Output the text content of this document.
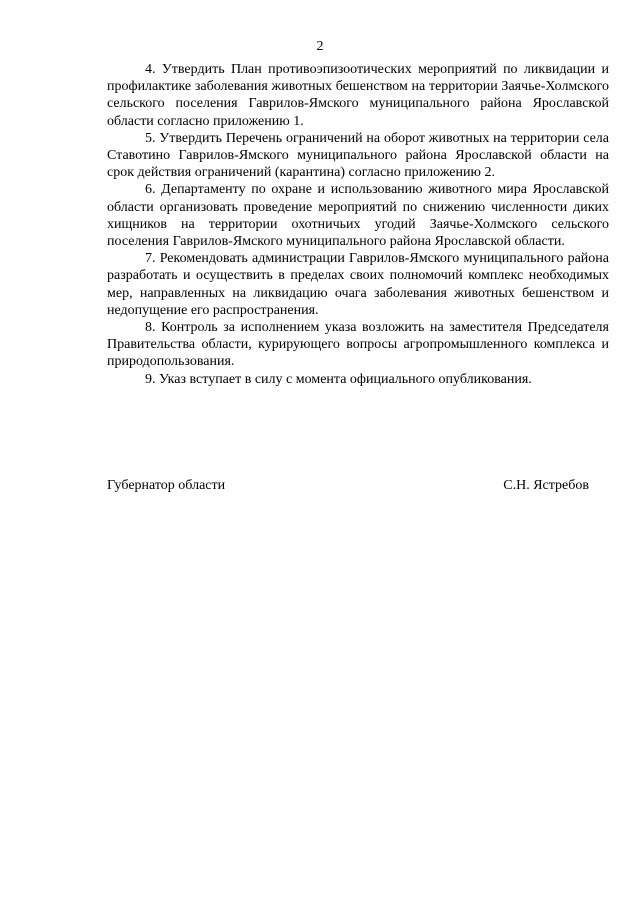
2

4. Утвердить План противоэпизоотических мероприятий по ликвидации и профилактике заболевания животных бешенством на территории Заячье-Холмского сельского поселения Гаврилов-Ямского муниципального района Ярославской области согласно приложению 1.

5. Утвердить Перечень ограничений на оборот животных на территории села Ставотино Гаврилов-Ямского муниципального района Ярославской области на срок действия ограничений (карантина) согласно приложению 2.

6. Департаменту по охране и использованию животного мира Ярославской области организовать проведение мероприятий по снижению численности диких хищников на территории охотничьих угодий Заячье-Холмского сельского поселения Гаврилов-Ямского муниципального района Ярославской области.

7. Рекомендовать администрации Гаврилов-Ямского муниципального района разработать и осуществить в пределах своих полномочий комплекс необходимых мер, направленных на ликвидацию очага заболевания животных бешенством и недопущение его распространения.

8. Контроль за исполнением указа возложить на заместителя Председателя Правительства области, курирующего вопросы агропромышленного комплекса и природопользования.

9. Указ вступает в силу с момента официального опубликования.

Губернатор области	С.Н. Ястребов
